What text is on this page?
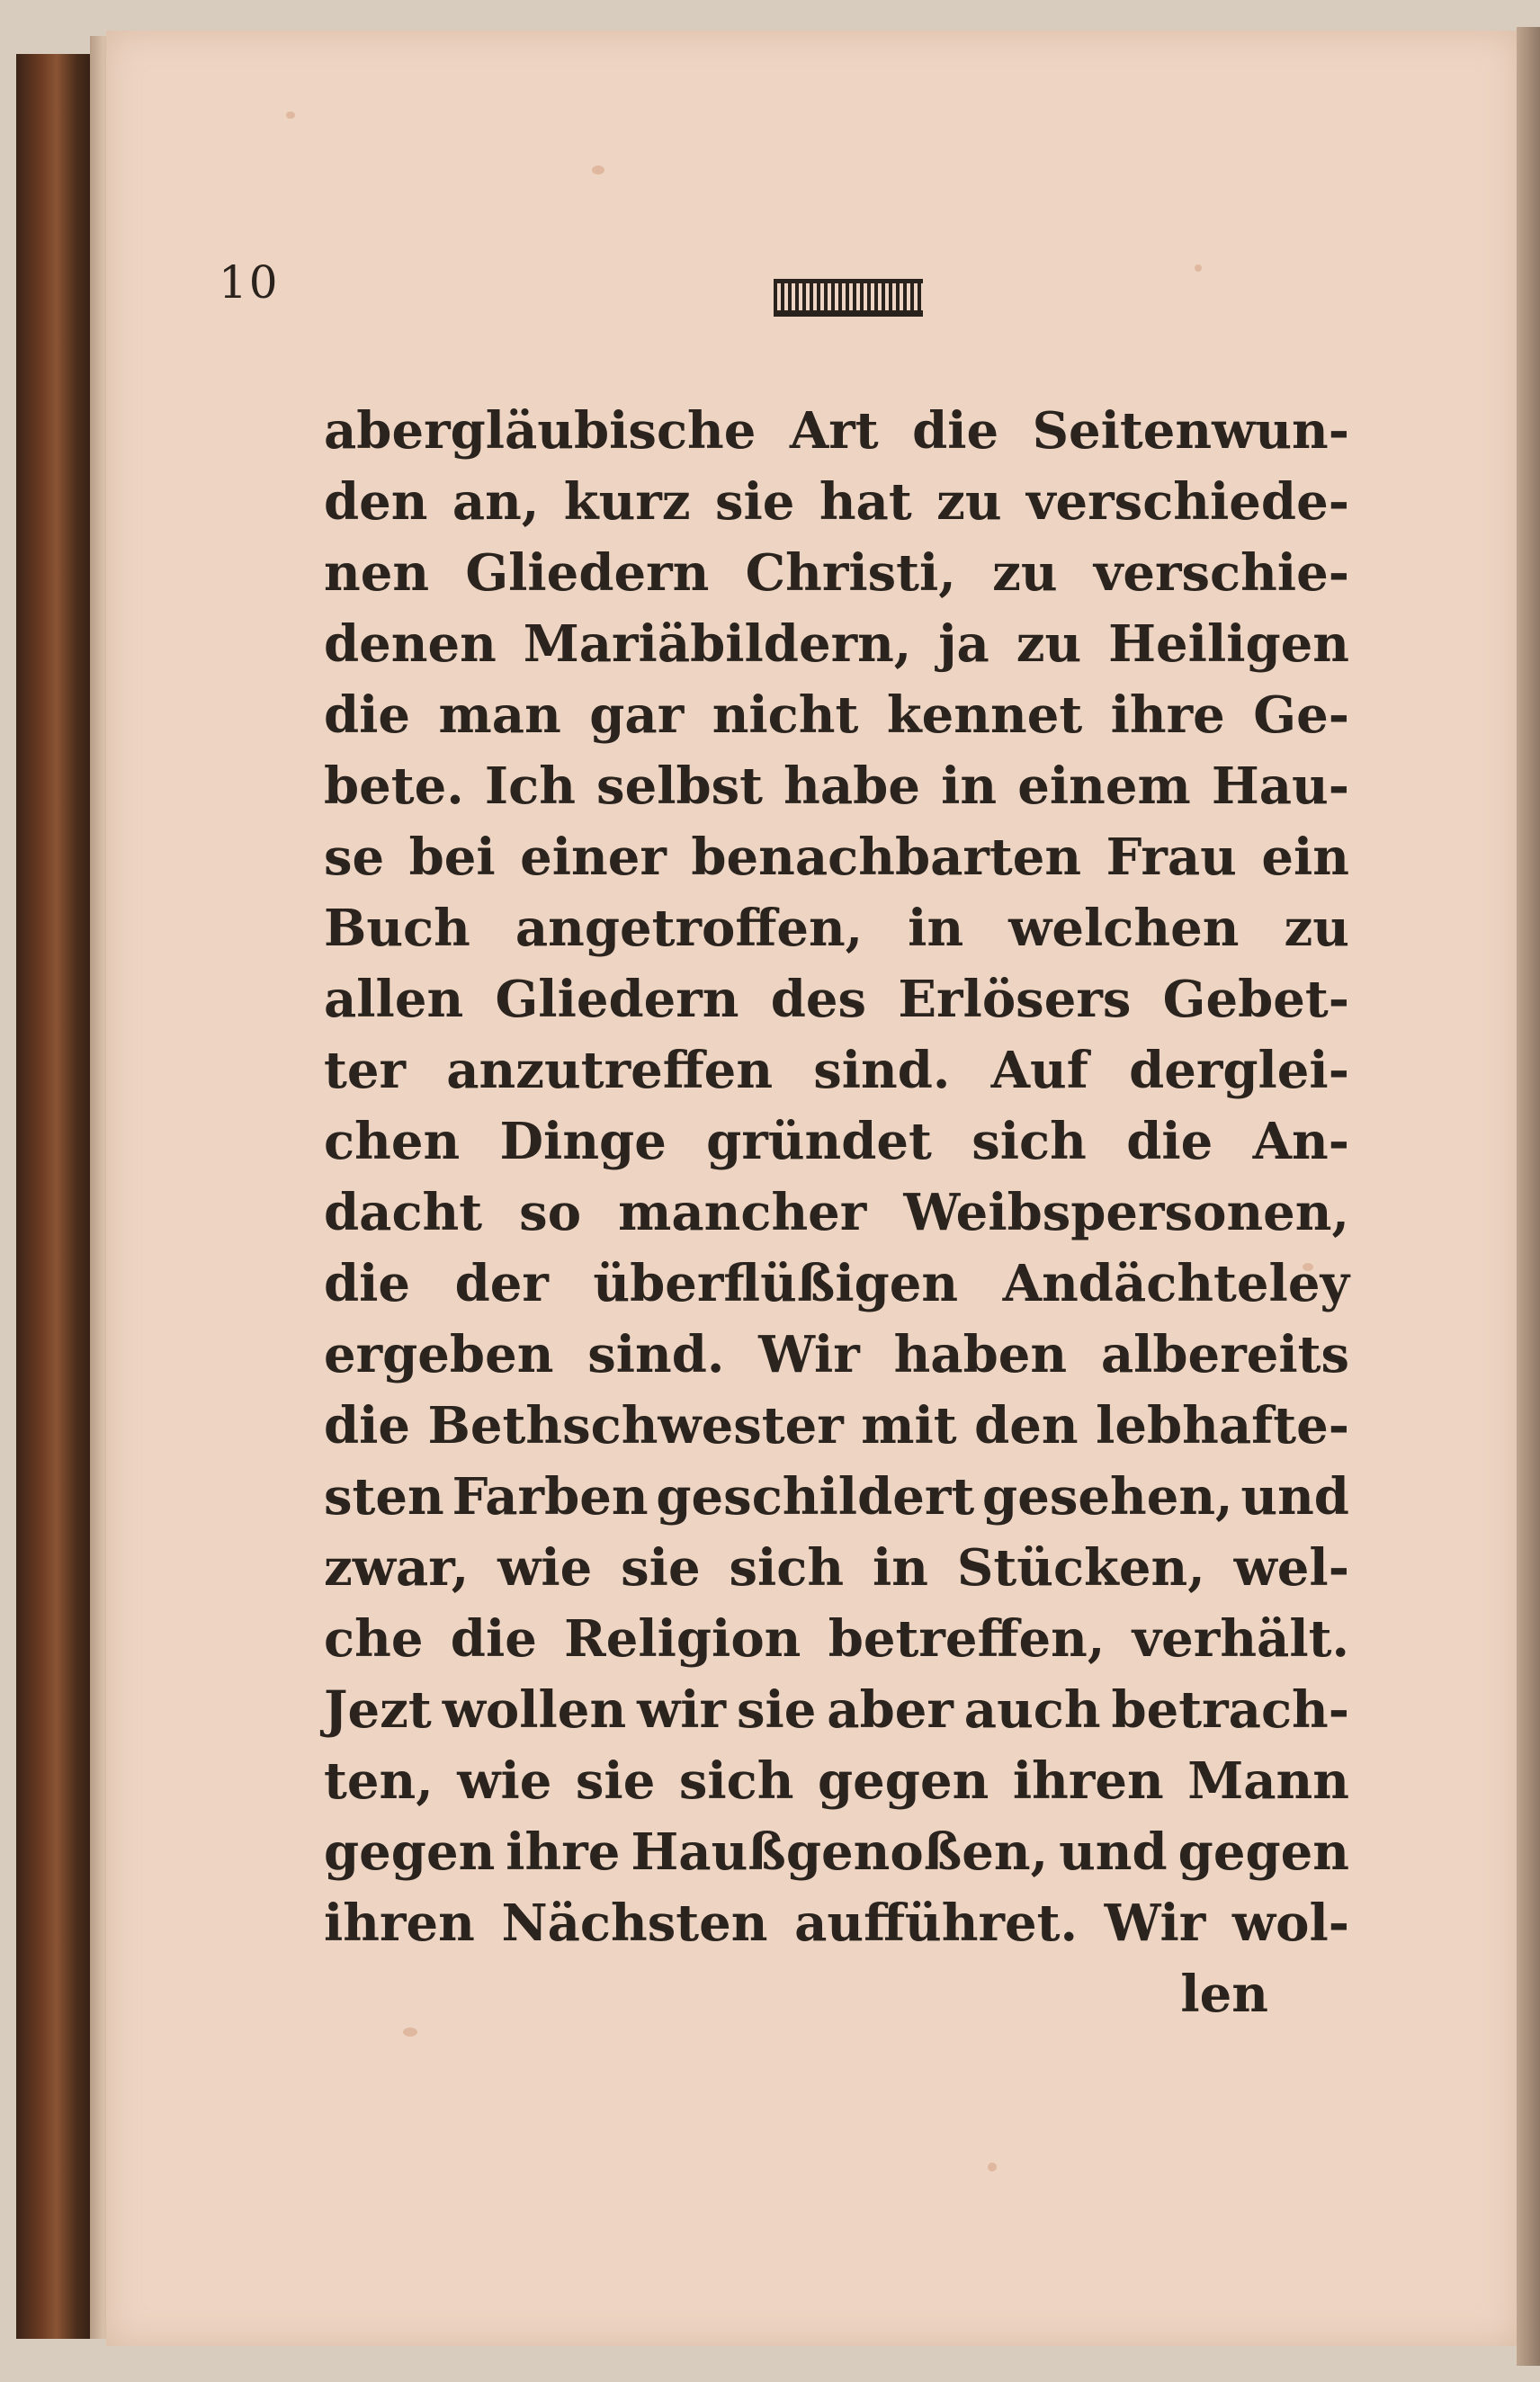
10
abergläubische Art die Seitenwun-
den an, kurz sie hat zu verschiede-
nen Gliedern Christi, zu verschie-
denen Mariäbildern, ja zu Heiligen
die man gar nicht kennet ihre Ge-
bete. Ich selbst habe in einem Hau-
se bei einer benachbarten Frau ein
Buch angetroffen, in welchen zu
allen Gliedern des Erlösers Gebet-
ter anzutreffen sind. Auf derglei-
chen Dinge gründet sich die An-
dacht so mancher Weibspersonen,
die der überflüßigen Andächteley
ergeben sind. Wir haben albereits
die Bethschwester mit den lebhafte-
sten Farben geschildert gesehen, und
zwar, wie sie sich in Stücken, wel-
che die Religion betreffen, verhält.
Jezt wollen wir sie aber auch betrach-
ten, wie sie sich gegen ihren Mann
gegen ihre Haußgenoßen, und gegen
ihren Nächsten aufführet. Wir wol-
len
